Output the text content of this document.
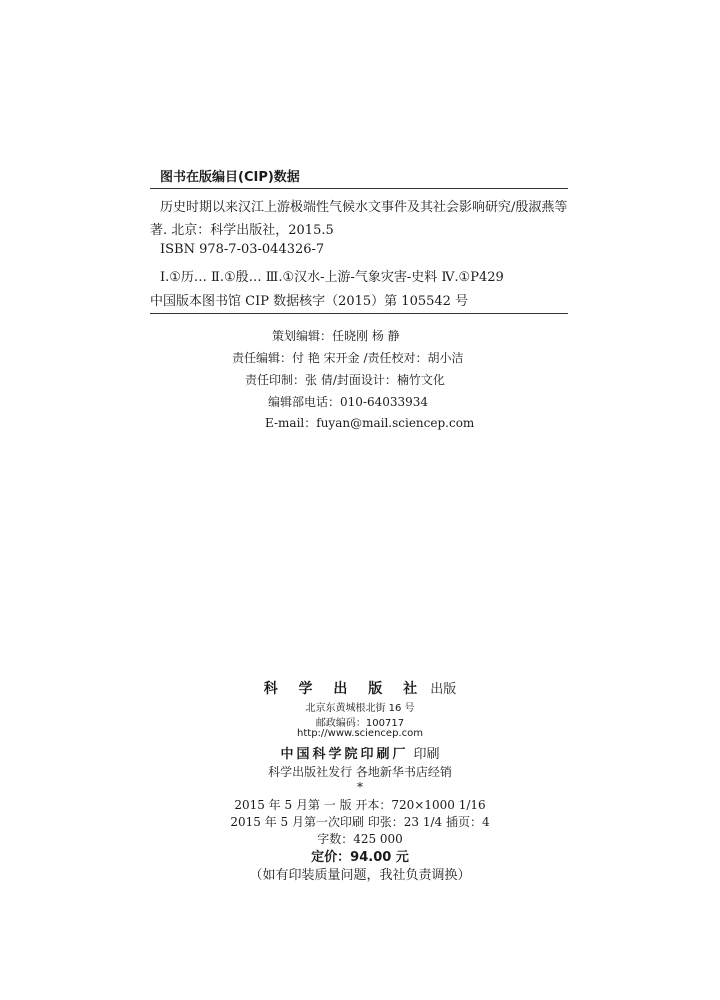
图书在版编目(CIP)数据
历史时期以来汉江上游极端性气候水文事件及其社会影响研究/殷淑燕等
著. 北京：科学出版社，2015.5
ISBN 978-7-03-044326-7
Ⅰ.①历… Ⅱ.①殷… Ⅲ.①汉水-上游-气象灾害-史料 Ⅳ.①P429
中国版本图书馆 CIP 数据核字（2015）第 105542 号
策划编辑：任晓刚 杨 静
责任编辑：付 艳 宋开金 /责任校对：胡小洁
责任印制：张 倩/封面设计：楠竹文化
编辑部电话：010-64033934
E-mail：fuyan@mail.sciencep.com
科 学 出 版 社 出版
北京东黄城根北街 16 号
邮政编码：100717
http://www.sciencep.com
中国科学院印刷厂 印刷
科学出版社发行 各地新华书店经销
*
2015 年 5 月第 一 版 开本：720×1000 1/16
2015 年 5 月第一次印刷 印张：23 1/4 插页：4
字数：425 000
定价：94.00 元
（如有印装质量问题，我社负责调换）
